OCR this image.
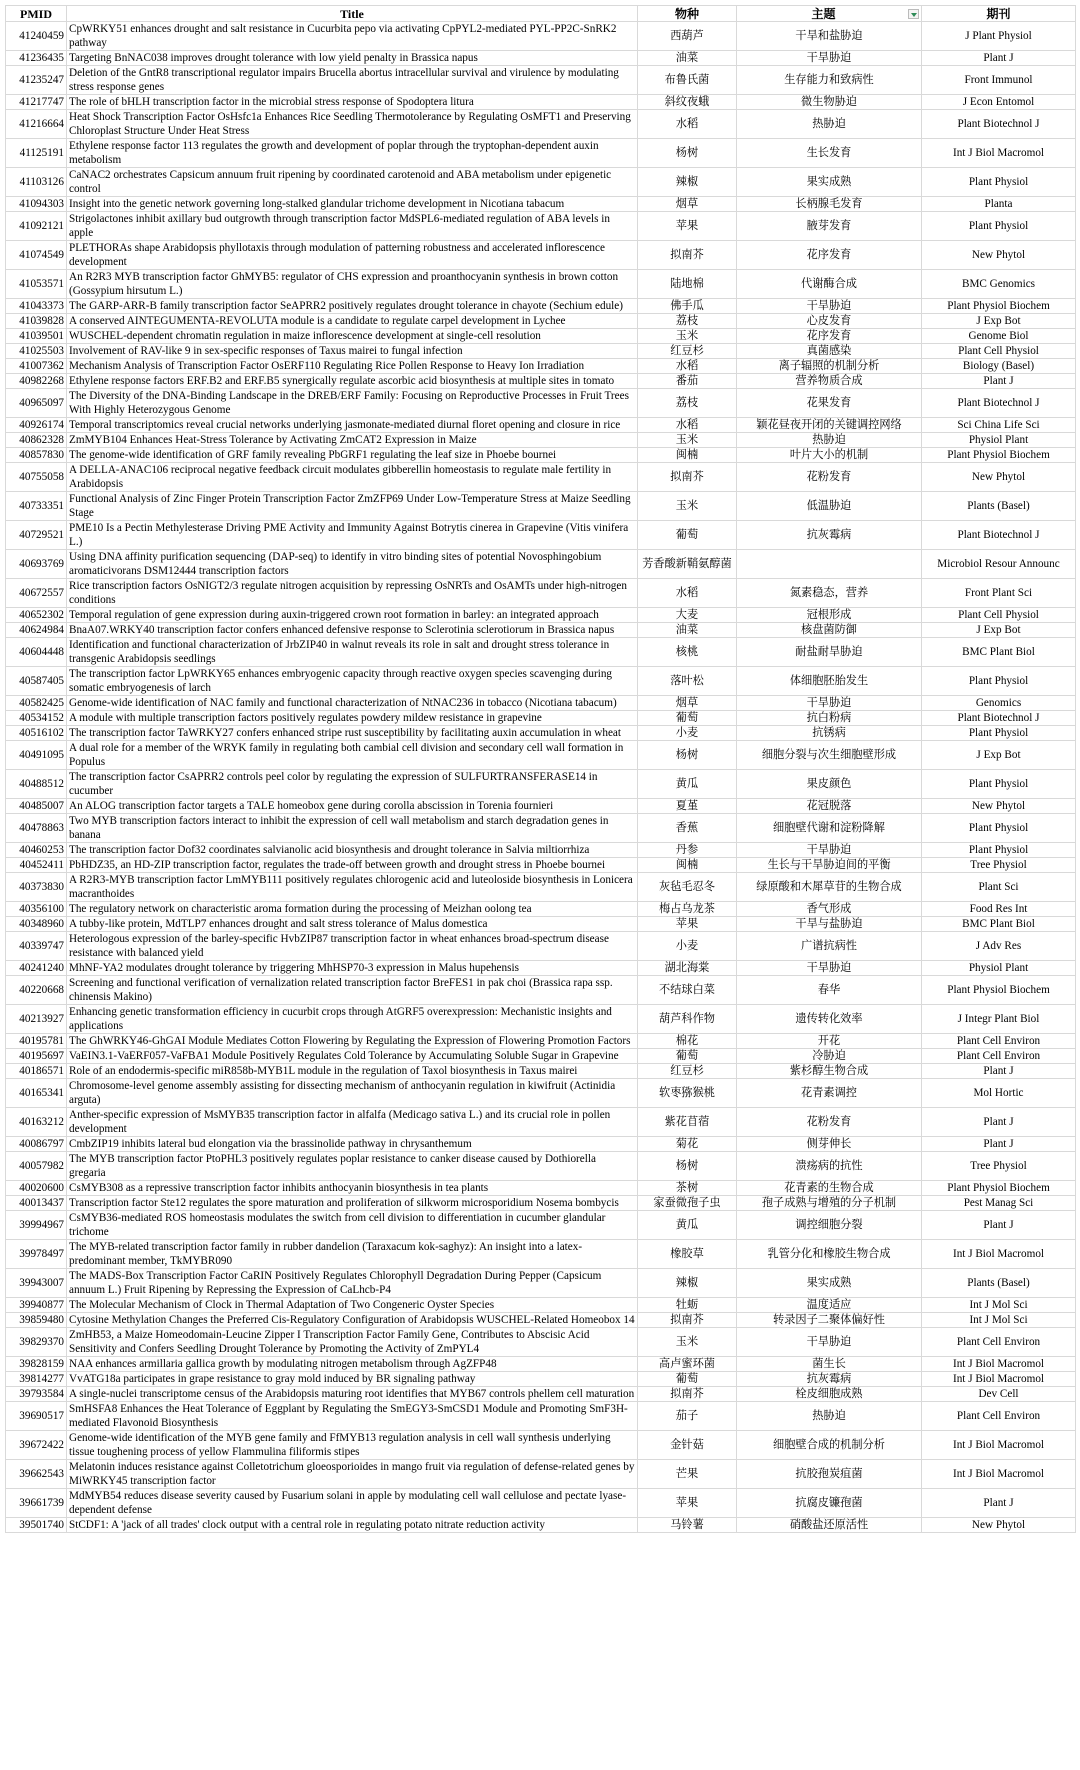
PMID	Title	物种	主题	期刊
41240459	CpWRKY51 enhances drought and salt resistance in Cucurbita pepo via activating CpPYL2-mediated PYL-PP2C-SnRK2 pathway	西葫芦	干旱和盐胁迫	J Plant Physiol
41236435	Targeting BnNAC038 improves drought tolerance with low yield penalty in Brassica napus	油菜	干旱胁迫	Plant J
41235247	Deletion of the GntR8 transcriptional regulator impairs Brucella abortus intracellular survival and virulence by modulating stress response genes	布鲁氏菌	生存能力和致病性	Front Immunol
41217747	The role of bHLH transcription factor in the microbial stress response of Spodoptera litura	斜纹夜蛾	微生物胁迫	J Econ Entomol
41216664	Heat Shock Transcription Factor OsHsfc1a Enhances Rice Seedling Thermotolerance by Regulating OsMFT1 and Preserving Chloroplast Structure Under Heat Stress	水稻	热胁迫	Plant Biotechnol J
41125191	Ethylene response factor 113 regulates the growth and development of poplar through the tryptophan-dependent auxin metabolism	杨树	生长发育	Int J Biol Macromol
41103126	CaNAC2 orchestrates Capsicum annuum fruit ripening by coordinated carotenoid and ABA metabolism under epigenetic control	辣椒	果实成熟	Plant Physiol
41094303	Insight into the genetic network governing long-stalked glandular trichome development in Nicotiana tabacum	烟草	长柄腺毛发育	Planta
41092121	Strigolactones inhibit axillary bud outgrowth through transcription factor MdSPL6-mediated regulation of ABA levels in apple	苹果	腋芽发育	Plant Physiol
41074549	PLETHORAs shape Arabidopsis phyllotaxis through modulation of patterning robustness and accelerated inflorescence development	拟南芥	花序发育	New Phytol
41053571	An R2R3 MYB transcription factor GhMYB5: regulator of CHS expression and proanthocyanin synthesis in brown cotton (Gossypium hirsutum L.)	陆地棉	代谢酶合成	BMC Genomics
41043373	The GARP-ARR-B family transcription factor SeAPRR2 positively regulates drought tolerance in chayote (Sechium edule)	佛手瓜	干旱胁迫	Plant Physiol Biochem
41039828	A conserved AINTEGUMENTA-REVOLUTA module is a candidate to regulate carpel development in Lychee	荔枝	心皮发育	J Exp Bot
41039501	WUSCHEL-dependent chromatin regulation in maize inflorescence development at single-cell resolution	玉米	花序发育	Genome Biol
41025503	Involvement of RAV-like 9 in sex-specific responses of Taxus mairei to fungal infection	红豆杉	真菌感染	Plant Cell Physiol
41007362	Mechanism Analysis of Transcription Factor OsERF110 Regulating Rice Pollen Response to Heavy Ion Irradiation	水稻	离子辐照的机制分析	Biology (Basel)
40982268	Ethylene response factors ERF.B2 and ERF.B5 synergically regulate ascorbic acid biosynthesis at multiple sites in tomato	番茄	营养物质合成	Plant J
40965097	The Diversity of the DNA-Binding Landscape in the DREB/ERF Family: Focusing on Reproductive Processes in Fruit Trees With Highly Heterozygous Genome	荔枝	花果发育	Plant Biotechnol J
40926174	Temporal transcriptomics reveal crucial networks underlying jasmonate-mediated diurnal floret opening and closure in rice	水稻	颖花昼夜开闭的关键调控网络	Sci China Life Sci
40862328	ZmMYB104 Enhances Heat-Stress Tolerance by Activating ZmCAT2 Expression in Maize	玉米	热胁迫	Physiol Plant
40857830	The genome-wide identification of GRF family revealing PbGRF1 regulating the leaf size in Phoebe bournei	闽楠	叶片大小的机制	Plant Physiol Biochem
40755058	A DELLA-ANAC106 reciprocal negative feedback circuit modulates gibberellin homeostasis to regulate male fertility in Arabidopsis	拟南芥	花粉发育	New Phytol
40733351	Functional Analysis of Zinc Finger Protein Transcription Factor ZmZFP69 Under Low-Temperature Stress at Maize Seedling Stage	玉米	低温胁迫	Plants (Basel)
40729521	PME10 Is a Pectin Methylesterase Driving PME Activity and Immunity Against Botrytis cinerea in Grapevine (Vitis vinifera L.)	葡萄	抗灰霉病	Plant Biotechnol J
40693769	Using DNA affinity purification sequencing (DAP-seq) to identify in vitro binding sites of potential Novosphingobium aromaticivorans DSM12444 transcription factors	芳香酸新鞘氨醇菌		Microbiol Resour Announc
40672557	Rice transcription factors OsNIGT2/3 regulate nitrogen acquisition by repressing OsNRTs and OsAMTs under high-nitrogen conditions	水稻	氮素稳态，营养	Front Plant Sci
40652302	Temporal regulation of gene expression during auxin-triggered crown root formation in barley: an integrated approach	大麦	冠根形成	Plant Cell Physiol
40624984	BnaA07.WRKY40 transcription factor confers enhanced defensive response to Sclerotinia sclerotiorum in Brassica napus	油菜	核盘菌防御	J Exp Bot
40604448	Identification and functional characterization of JrbZIP40 in walnut reveals its role in salt and drought stress tolerance in transgenic Arabidopsis seedlings	核桃	耐盐耐旱胁迫	BMC Plant Biol
40587405	The transcription factor LpWRKY65 enhances embryogenic capacity through reactive oxygen species scavenging during somatic embryogenesis of larch	落叶松	体细胞胚胎发生	Plant Physiol
40582425	Genome-wide identification of NAC family and functional characterization of NtNAC236 in tobacco (Nicotiana tabacum)	烟草	干旱胁迫	Genomics
40534152	A module with multiple transcription factors positively regulates powdery mildew resistance in grapevine	葡萄	抗白粉病	Plant Biotechnol J
40516102	The transcription factor TaWRKY27 confers enhanced stripe rust susceptibility by facilitating auxin accumulation in wheat	小麦	抗锈病	Plant Physiol
40491095	A dual role for a member of the WRYK family in regulating both cambial cell division and secondary cell wall formation in Populus	杨树	细胞分裂与次生细胞壁形成	J Exp Bot
40488512	The transcription factor CsAPRR2 controls peel color by regulating the expression of SULFURTRANSFERASE14 in cucumber	黄瓜	果皮颜色	Plant Physiol
40485007	An ALOG transcription factor targets a TALE homeobox gene during corolla abscission in Torenia fournieri	夏堇	花冠脱落	New Phytol
40478863	Two MYB transcription factors interact to inhibit the expression of cell wall metabolism and starch degradation genes in banana	香蕉	细胞壁代谢和淀粉降解	Plant Physiol
40460253	The transcription factor Dof32 coordinates salvianolic acid biosynthesis and drought tolerance in Salvia miltiorrhiza	丹参	干旱胁迫	Plant Physiol
40452411	PbHDZ35, an HD-ZIP transcription factor, regulates the trade-off between growth and drought stress in Phoebe bournei	闽楠	生长与干旱胁迫间的平衡	Tree Physiol
40373830	A R2R3-MYB transcription factor LmMYB111 positively regulates chlorogenic acid and luteoloside biosynthesis in Lonicera macranthoides	灰毡毛忍冬	绿原酸和木犀草苷的生物合成	Plant Sci
40356100	The regulatory network on characteristic aroma formation during the processing of Meizhan oolong tea	梅占乌龙茶	香气形成	Food Res Int
40348960	A tubby-like protein, MdTLP7 enhances drought and salt stress tolerance of Malus domestica	苹果	干旱与盐胁迫	BMC Plant Biol
40339747	Heterologous expression of the barley-specific HvbZIP87 transcription factor in wheat enhances broad-spectrum disease resistance with balanced yield	小麦	广谱抗病性	J Adv Res
40241240	MhNF-YA2 modulates drought tolerance by triggering MhHSP70-3 expression in Malus hupehensis	湖北海棠	干旱胁迫	Physiol Plant
40220668	Screening and functional verification of vernalization related transcription factor BreFES1 in pak choi (Brassica rapa ssp. chinensis Makino)	不结球白菜	春华	Plant Physiol Biochem
40213927	Enhancing genetic transformation efficiency in cucurbit crops through AtGRF5 overexpression: Mechanistic insights and applications	葫芦科作物	遗传转化效率	J Integr Plant Biol
40195781	The GhWRKY46-GhGAI Module Mediates Cotton Flowering by Regulating the Expression of Flowering Promotion Factors	棉花	开花	Plant Cell Environ
40195697	VaEIN3.1-VaERF057-VaFBA1 Module Positively Regulates Cold Tolerance by Accumulating Soluble Sugar in Grapevine	葡萄	冷胁迫	Plant Cell Environ
40186571	Role of an endodermis-specific miR858b-MYB1L module in the regulation of Taxol biosynthesis in Taxus mairei	红豆杉	紫杉醇生物合成	Plant J
40165341	Chromosome-level genome assembly assisting for dissecting mechanism of anthocyanin regulation in kiwifruit (Actinidia arguta)	软枣猕猴桃	花青素调控	Mol Hortic
40163212	Anther-specific expression of MsMYB35 transcription factor in alfalfa (Medicago sativa L.) and its crucial role in pollen development	紫花苜蓿	花粉发育	Plant J
40086797	CmbZIP19 inhibits lateral bud elongation via the brassinolide pathway in chrysanthemum	菊花	侧芽伸长	Plant J
40057982	The MYB transcription factor PtoPHL3 positively regulates poplar resistance to canker disease caused by Dothiorella gregaria	杨树	溃疡病的抗性	Tree Physiol
40020600	CsMYB308 as a repressive transcription factor inhibits anthocyanin biosynthesis in tea plants	茶树	花青素的生物合成	Plant Physiol Biochem
40013437	Transcription factor Ste12 regulates the spore maturation and proliferation of silkworm microsporidium Nosema bombycis	家蚕微孢子虫	孢子成熟与增殖的分子机制	Pest Manag Sci
39994967	CsMYB36-mediated ROS homeostasis modulates the switch from cell division to differentiation in cucumber glandular trichome	黄瓜	调控细胞分裂	Plant J
39978497	The MYB-related transcription factor family in rubber dandelion (Taraxacum kok-saghyz): An insight into a latex-predominant member, TkMYBR090	橡胶草	乳管分化和橡胶生物合成	Int J Biol Macromol
39943007	The MADS-Box Transcription Factor CaRIN Positively Regulates Chlorophyll Degradation During Pepper (Capsicum annuum L.) Fruit Ripening by Repressing the Expression of CaLhcb-P4	辣椒	果实成熟	Plants (Basel)
39940877	The Molecular Mechanism of Clock in Thermal Adaptation of Two Congeneric Oyster Species	牡蛎	温度适应	Int J Mol Sci
39859480	Cytosine Methylation Changes the Preferred Cis-Regulatory Configuration of Arabidopsis WUSCHEL-Related Homeobox 14	拟南芥	转录因子二聚体偏好性	Int J Mol Sci
39829370	ZmHB53, a Maize Homeodomain-Leucine Zipper I Transcription Factor Family Gene, Contributes to Abscisic Acid Sensitivity and Confers Seedling Drought Tolerance by Promoting the Activity of ZmPYL4	玉米	干旱胁迫	Plant Cell Environ
39828159	NAA enhances armillaria gallica growth by modulating nitrogen metabolism through AgZFP48	高卢蜜环菌	菌生长	Int J Biol Macromol
39814277	VvATG18a participates in grape resistance to gray mold induced by BR signaling pathway	葡萄	抗灰霉病	Int J Biol Macromol
39793584	A single-nuclei transcriptome census of the Arabidopsis maturing root identifies that MYB67 controls phellem cell maturation	拟南芥	栓皮细胞成熟	Dev Cell
39690517	SmHSFA8 Enhances the Heat Tolerance of Eggplant by Regulating the SmEGY3-SmCSD1 Module and Promoting SmF3H-mediated Flavonoid Biosynthesis	茄子	热胁迫	Plant Cell Environ
39672422	Genome-wide identification of the MYB gene family and FfMYB13 regulation analysis in cell wall synthesis underlying tissue toughening process of yellow Flammulina filiformis stipes	金针菇	细胞壁合成的机制分析	Int J Biol Macromol
39662543	Melatonin induces resistance against Colletotrichum gloeosporioides in mango fruit via regulation of defense-related genes by MiWRKY45 transcription factor	芒果	抗胶孢炭疽菌	Int J Biol Macromol
39661739	MdMYB54 reduces disease severity caused by Fusarium solani in apple by modulating cell wall cellulose and pectate lyase-dependent defense	苹果	抗腐皮镰孢菌	Plant J
39501740	StCDF1: A 'jack of all trades' clock output with a central role in regulating potato nitrate reduction activity	马铃薯	硝酸盐还原活性	New Phytol
